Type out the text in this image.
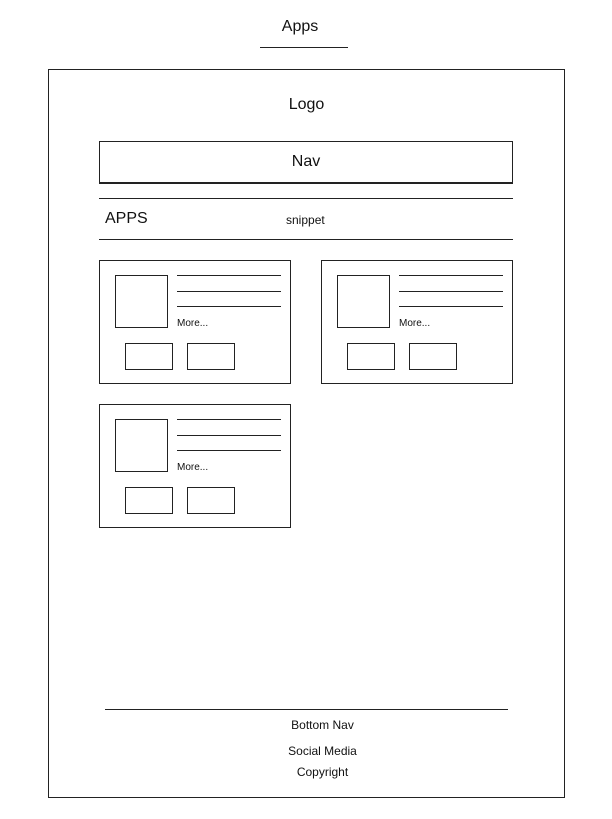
Apps
Logo
Nav
APPS	snippet
More...	More...
More...
Bottom Nav
Social Media
Copyright
